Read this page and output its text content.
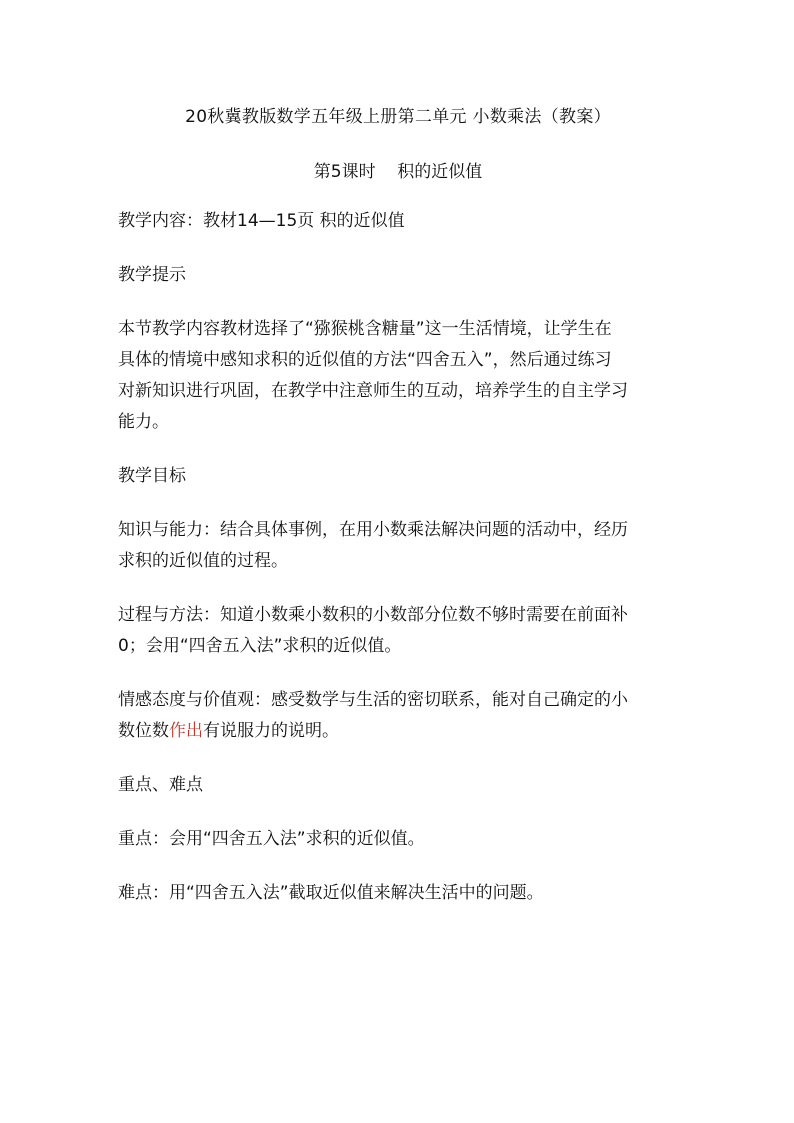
20秋冀教版数学五年级上册第二单元 小数乘法（教案）
第5课时    积的近似值

教学内容：教材14—15页 积的近似值

教学提示

本节教学内容教材选择了“猕猴桃含糖量”这一生活情境，让学生在

具体的情境中感知求积的近似值的方法“四舍五入”，然后通过练习

对新知识进行巩固，在教学中注意师生的互动，培养学生的自主学习

能力。

教学目标

知识与能力：结合具体事例，在用小数乘法解决问题的活动中，经历

求积的近似值的过程。

过程与方法：知道小数乘小数积的小数部分位数不够时需要在前面补

0；会用“四舍五入法”求积的近似值。

情感态度与价值观：感受数学与生活的密切联系，能对自己确定的小

数位数作出有说服力的说明。

重点、难点

重点：会用“四舍五入法”求积的近似值。

难点：用“四舍五入法”截取近似值来解决生活中的问题。
